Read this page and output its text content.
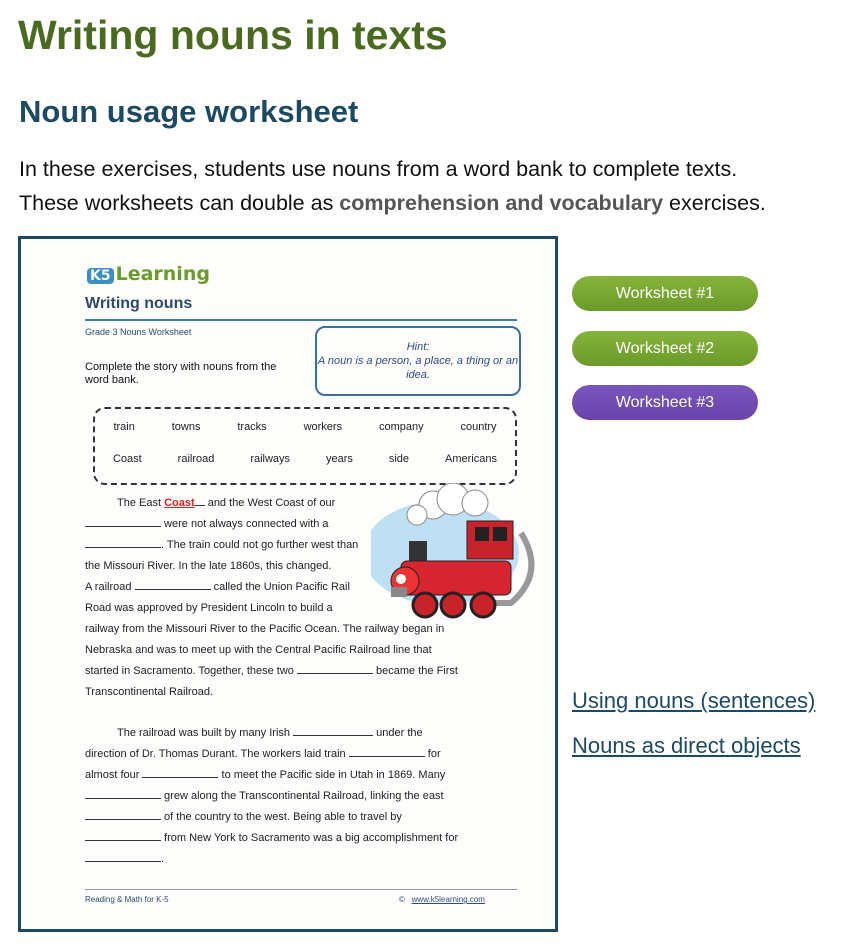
Writing nouns in texts
Noun usage worksheet
In these exercises, students use nouns from a word bank to complete texts.
These worksheets can double as comprehension and vocabulary exercises.
K5 Learning
Writing nouns
Grade 3 Nouns Worksheet
Complete the story with nouns from the word bank.
Hint:
A noun is a person, a place, a thing or an idea.
train	towns	tracks	workers	company	country
Coast	railroad	railways	years	side	Americans
The East Coast and the West Coast of our
were not always connected with a
. The train could not go further west than
the Missouri River. In the late 1860s, this changed.
A railroad	called the Union Pacific Rail
Road was approved by President Lincoln to build a
railway from the Missouri River to the Pacific Ocean. The railway began in
Nebraska and was to meet up with the Central Pacific Railroad line that
started in Sacramento. Together, these two	became the First
Transcontinental Railroad.
The railroad was built by many Irish	under the
direction of Dr. Thomas Durant. The workers laid train	for
almost four	to meet the Pacific side in Utah in 1869. Many
grew along the Transcontinental Railroad, linking the east
of the country to the west. Being able to travel by
from New York to Sacramento was a big accomplishment for
.
Reading & Math for K-5	© www.k5learning.com
Worksheet #1
Worksheet #2
Worksheet #3
Using nouns (sentences)
Nouns as direct objects
